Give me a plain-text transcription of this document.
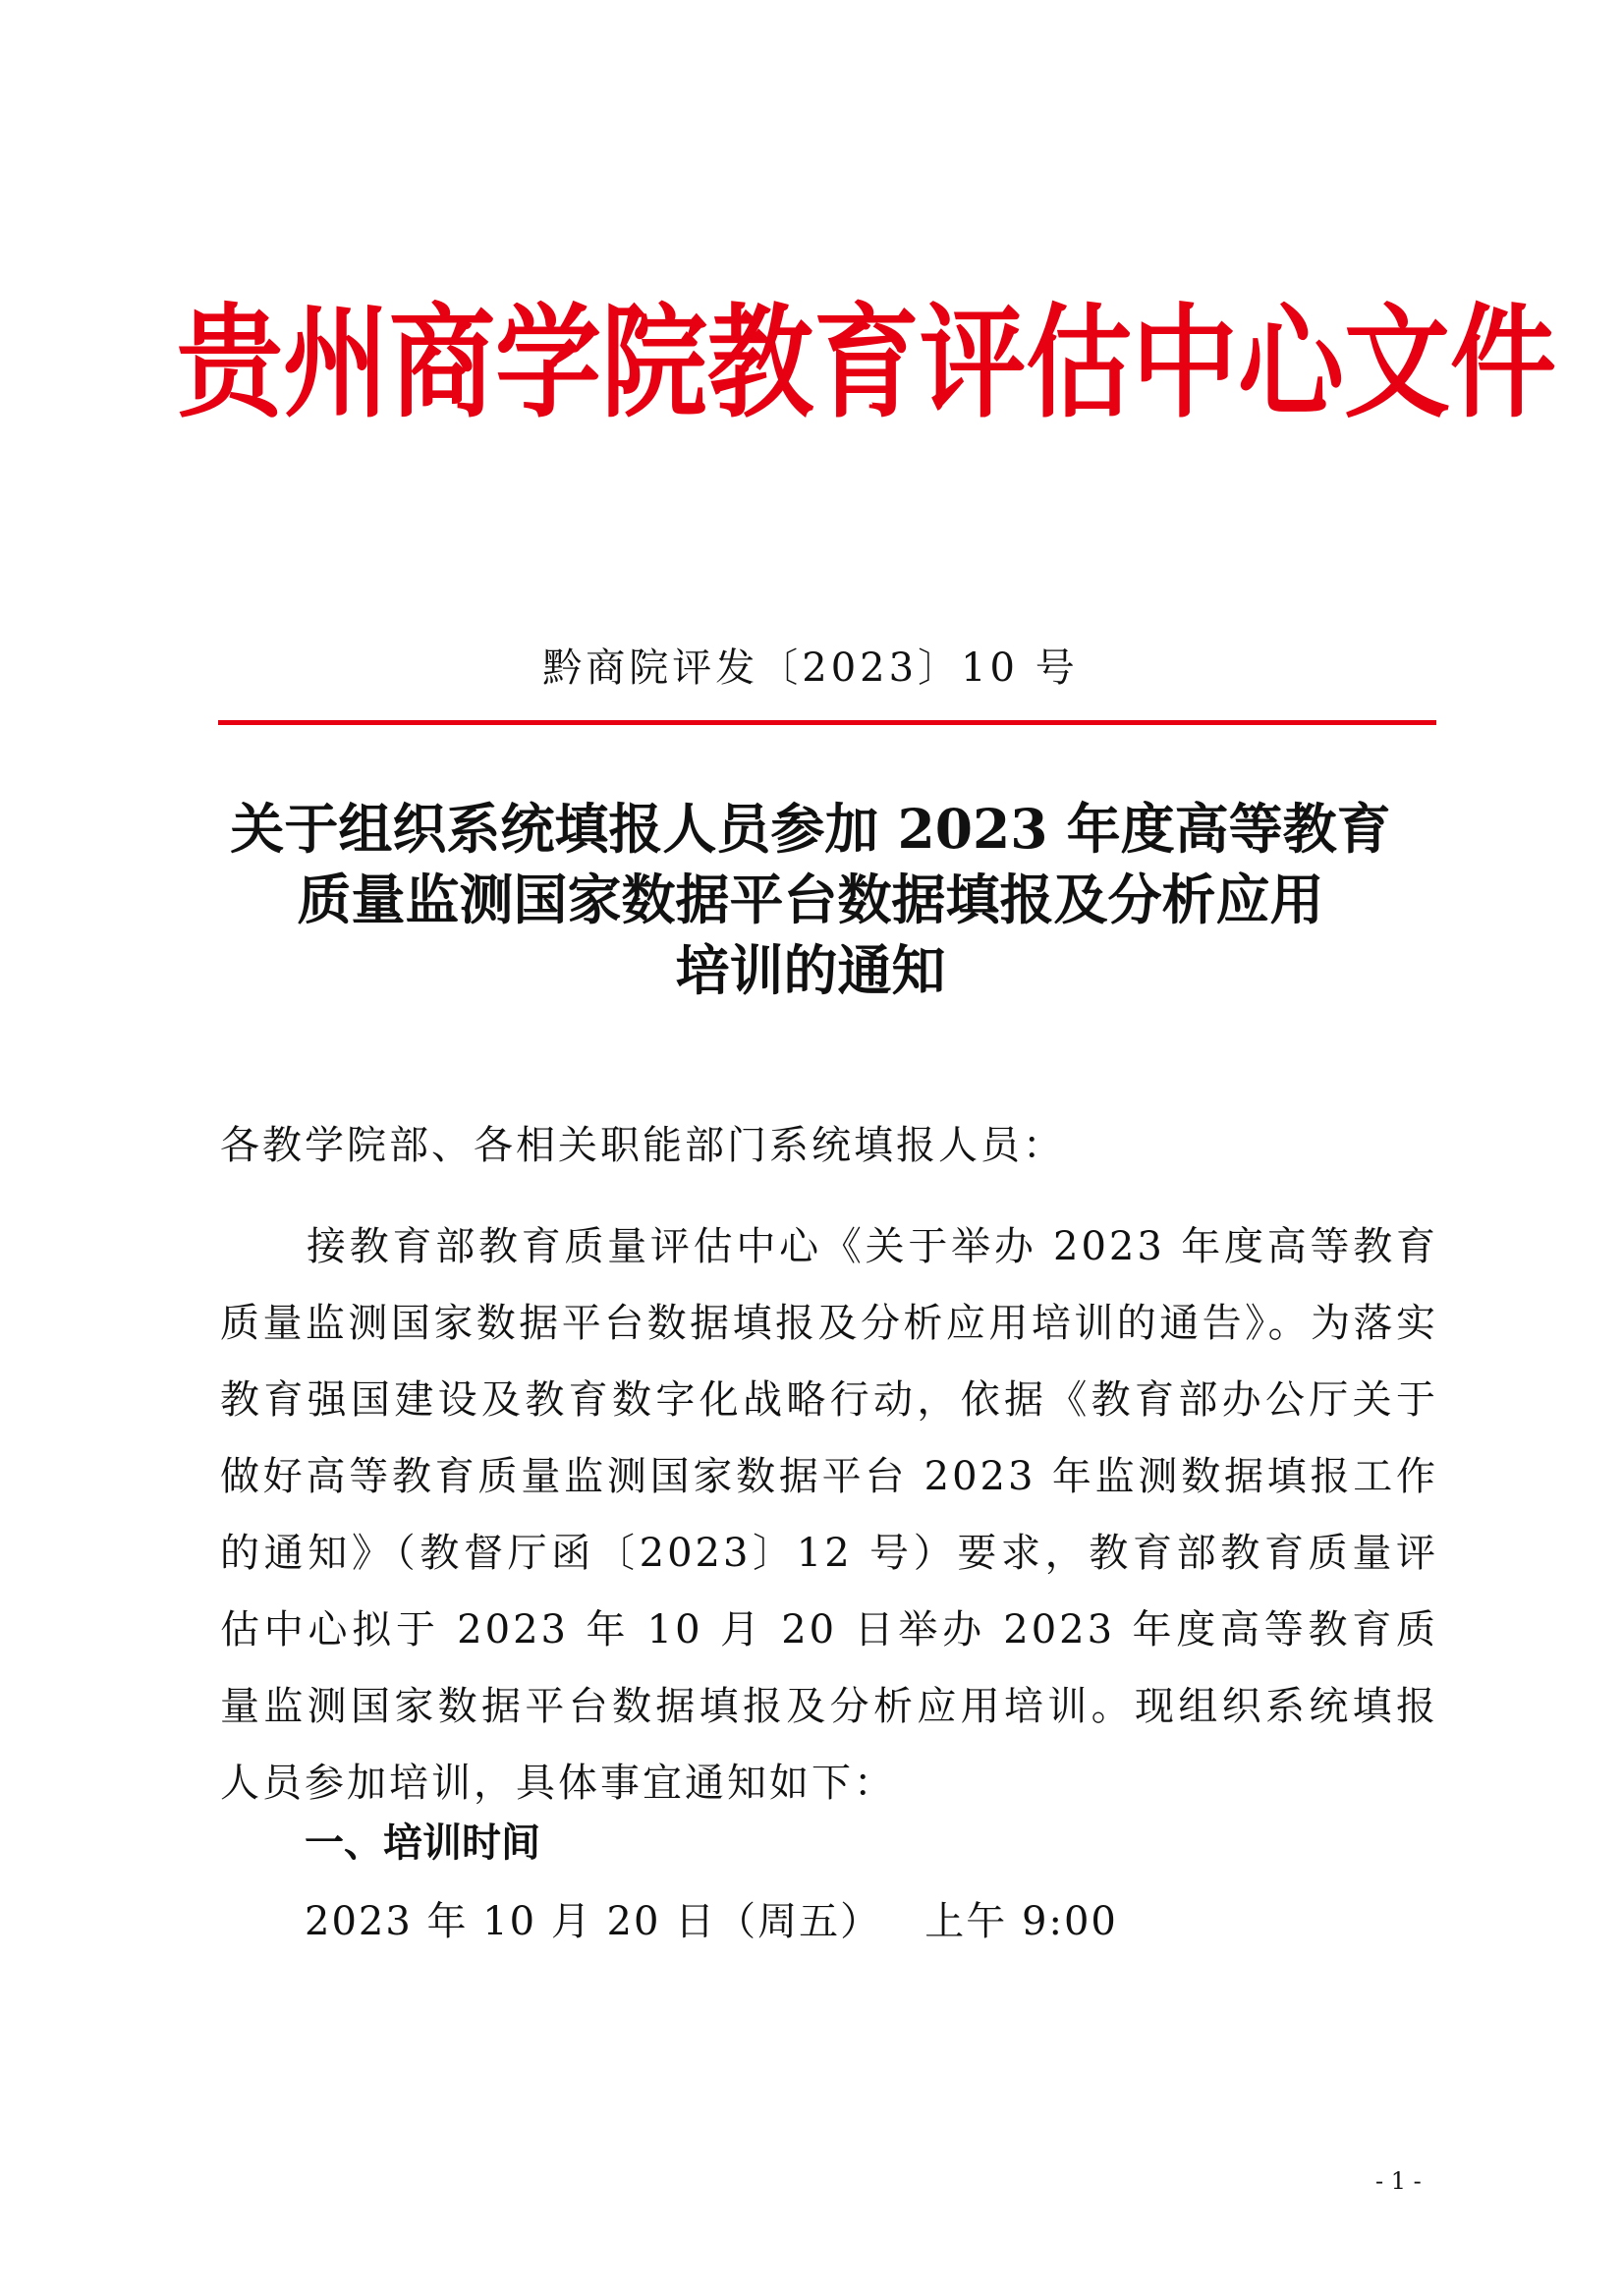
贵州商学院教育评估中心文件
黔商院评发〔2023〕10 号
关于组织系统填报人员参加 2023 年度高等教育
质量监测国家数据平台数据填报及分析应用
培训的通知
各教学院部、各相关职能部门系统填报人员：
接教育部教育质量评估中心《关于举办 2023 年度高等教育质量监测国家数据平台数据填报及分析应用培训的通告》。为落实教育强国建设及教育数字化战略行动，依据《教育部办公厅关于做好高等教育质量监测国家数据平台 2023 年监测数据填报工作的通知》（教督厅函〔2023〕12 号）要求，教育部教育质量评估中心拟于 2023 年 10 月 20 日举办 2023 年度高等教育质量监测国家数据平台数据填报及分析应用培训。现组织系统填报人员参加培训，具体事宜通知如下：
一、培训时间
2023 年 10 月 20 日（周五）   上午 9:00
- 1 -
